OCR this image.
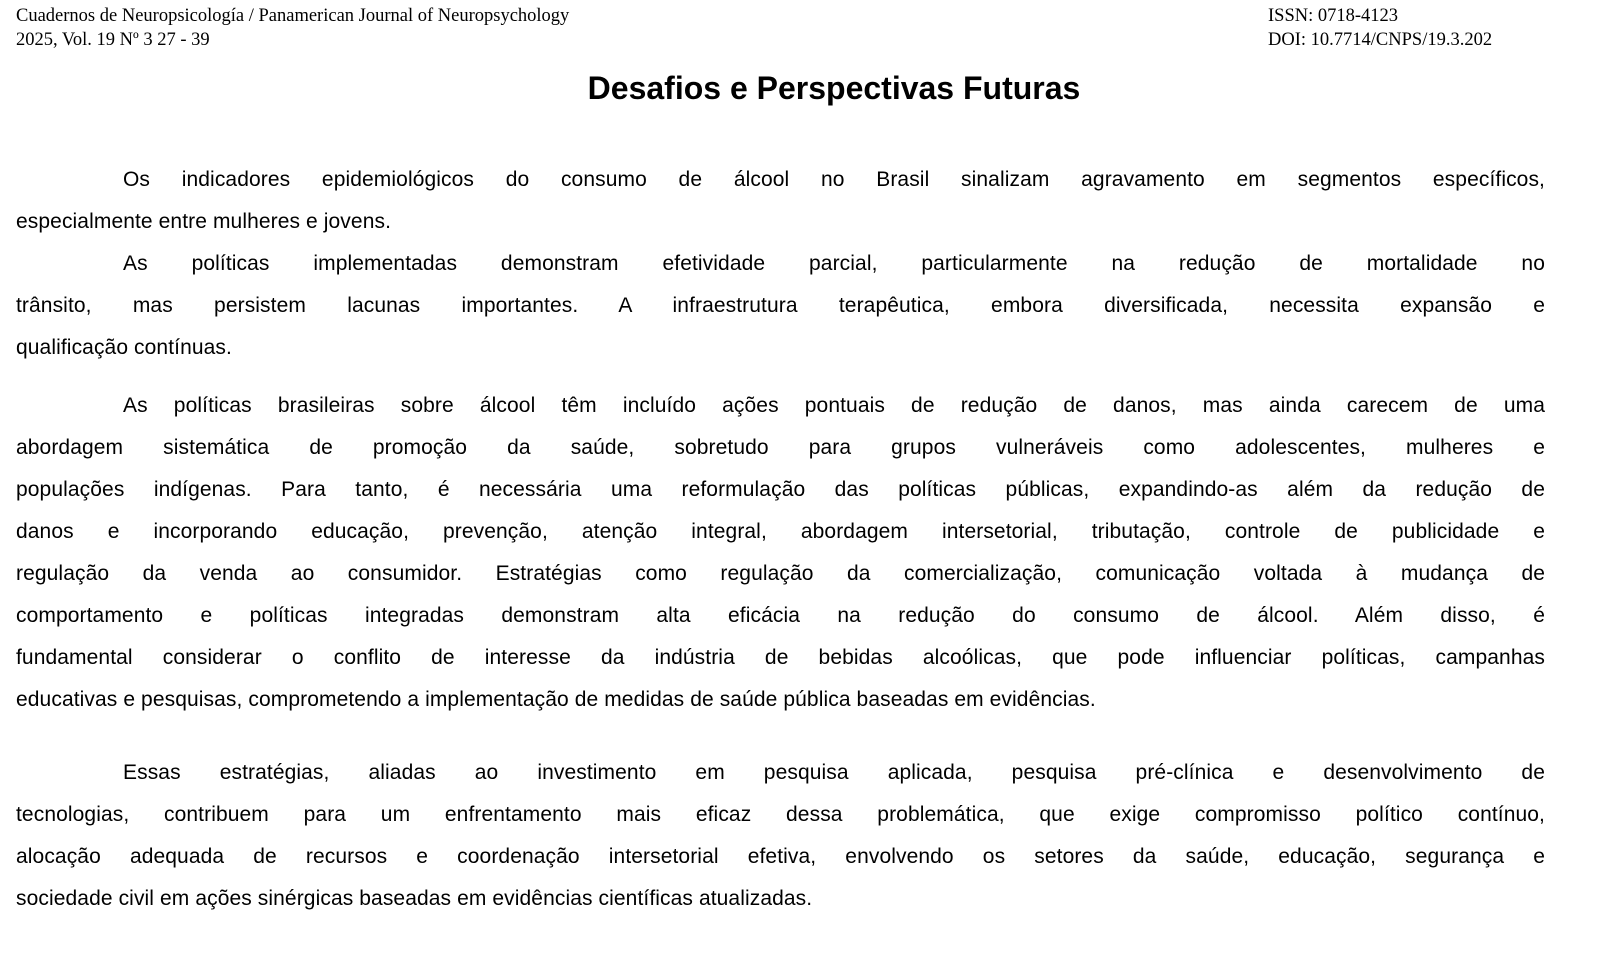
Cuadernos de Neuropsicología / Panamerican Journal of Neuropsychology
2025, Vol. 19 Nº 3 27 - 39
ISSN: 0718-4123
DOI: 10.7714/CNPS/19.3.202
Desafios e Perspectivas Futuras
Os indicadores epidemiológicos do consumo de álcool no Brasil sinalizam agravamento em segmentos específicos,
especialmente entre mulheres e jovens.
As políticas implementadas demonstram efetividade parcial, particularmente na redução de mortalidade no
trânsito, mas persistem lacunas importantes. A infraestrutura terapêutica, embora diversificada, necessita expansão e
qualificação contínuas.
As políticas brasileiras sobre álcool têm incluído ações pontuais de redução de danos, mas ainda carecem de uma
abordagem sistemática de promoção da saúde, sobretudo para grupos vulneráveis como adolescentes, mulheres e
populações indígenas. Para tanto, é necessária uma reformulação das políticas públicas, expandindo-as além da redução de
danos e incorporando educação, prevenção, atenção integral, abordagem intersetorial, tributação, controle de publicidade e
regulação da venda ao consumidor. Estratégias como regulação da comercialização, comunicação voltada à mudança de
comportamento e políticas integradas demonstram alta eficácia na redução do consumo de álcool. Além disso, é
fundamental considerar o conflito de interesse da indústria de bebidas alcoólicas, que pode influenciar políticas, campanhas
educativas e pesquisas, comprometendo a implementação de medidas de saúde pública baseadas em evidências.
Essas estratégias, aliadas ao investimento em pesquisa aplicada, pesquisa pré-clínica e desenvolvimento de
tecnologias, contribuem para um enfrentamento mais eficaz dessa problemática, que exige compromisso político contínuo,
alocação adequada de recursos e coordenação intersetorial efetiva, envolvendo os setores da saúde, educação, segurança e
sociedade civil em ações sinérgicas baseadas em evidências científicas atualizadas.
